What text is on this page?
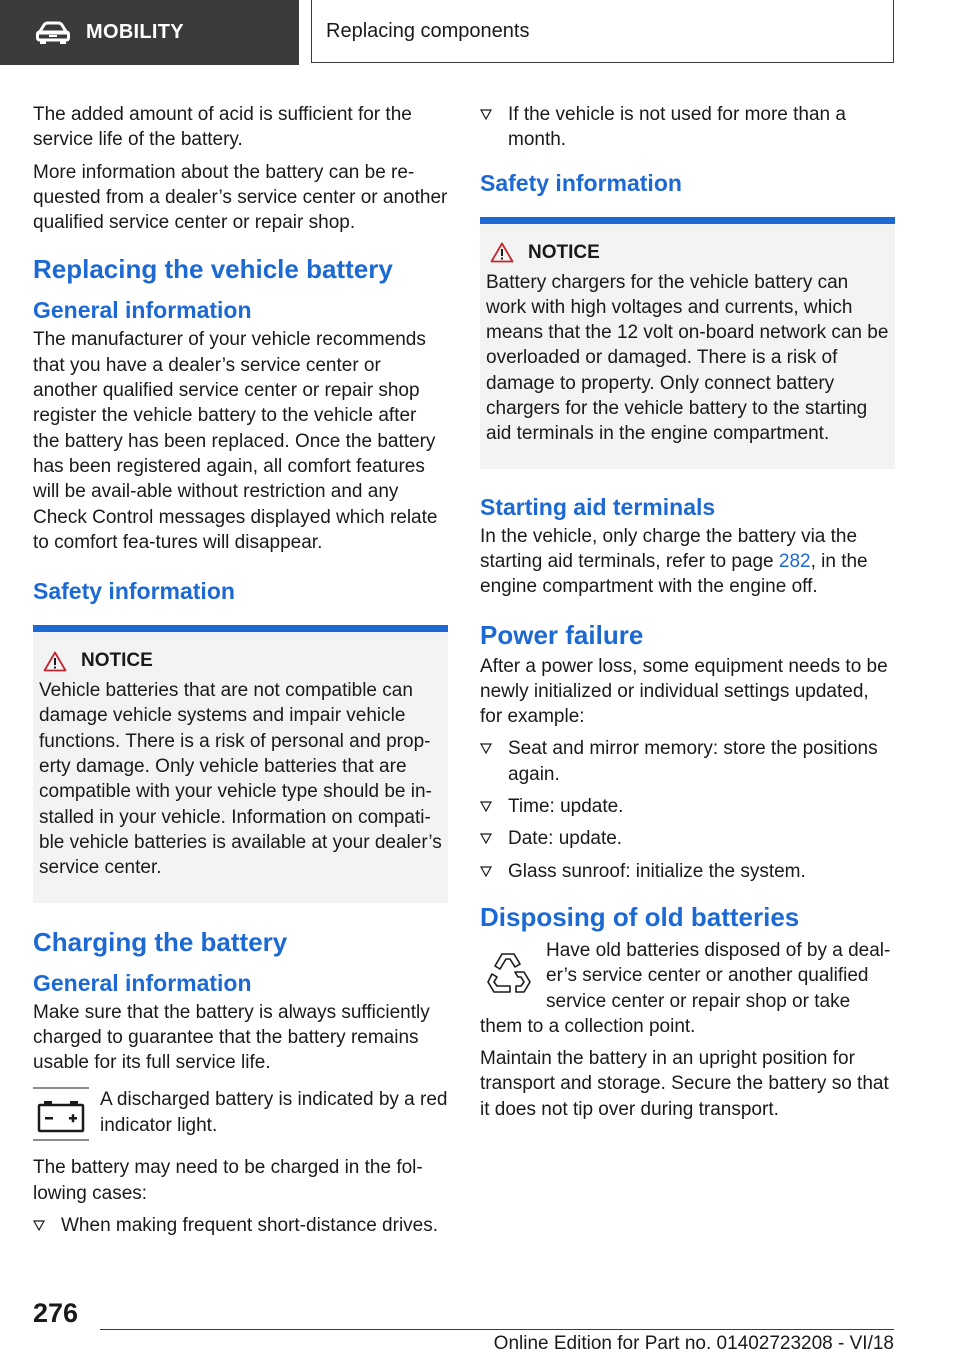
MOBILITY	Replacing components

The added amount of acid is sufficient for the service life of the battery.

More information about the battery can be re-quested from a dealer’s service center or another qualified service center or repair shop.

Replacing the vehicle battery
General information

The manufacturer of your vehicle recommends that you have a dealer’s service center or another qualified service center or repair shop register the vehicle battery to the vehicle after the battery has been replaced. Once the battery has been registered again, all comfort features will be avail-able without restriction and any Check Control messages displayed which relate to comfort fea-tures will disappear.

Safety information
NOTICE

Vehicle batteries that are not compatible can damage vehicle systems and impair vehicle functions. There is a risk of personal and prop-erty damage. Only vehicle batteries that are compatible with your vehicle type should be in-stalled in your vehicle. Information on compati-ble vehicle batteries is available at your dealer’s service center.

Charging the battery
General information

Make sure that the battery is always sufficiently charged to guarantee that the battery remains usable for its full service life.

A discharged battery is indicated by a red indicator light.

The battery may need to be charged in the fol-lowing cases:

When making frequent short-distance drives.
If the vehicle is not used for more than a month.
Safety information
NOTICE

Battery chargers for the vehicle battery can work with high voltages and currents, which means that the 12 volt on-board network can be overloaded or damaged. There is a risk of damage to property. Only connect battery chargers for the vehicle battery to the starting aid terminals in the engine compartment.

Starting aid terminals

In the vehicle, only charge the battery via the starting aid terminals, refer to page 282, in the engine compartment with the engine off.

Power failure

After a power loss, some equipment needs to be newly initialized or individual settings updated, for example:

Seat and mirror memory: store the positions again.
Time: update.
Date: update.
Glass sunroof: initialize the system.
Disposing of old batteries

Have old batteries disposed of by a deal-er’s service center or another qualified service center or repair shop or take them to a collection point.

Maintain the battery in an upright position for transport and storage. Secure the battery so that it does not tip over during transport.

276
Online Edition for Part no. 01402723208 - VI/18
